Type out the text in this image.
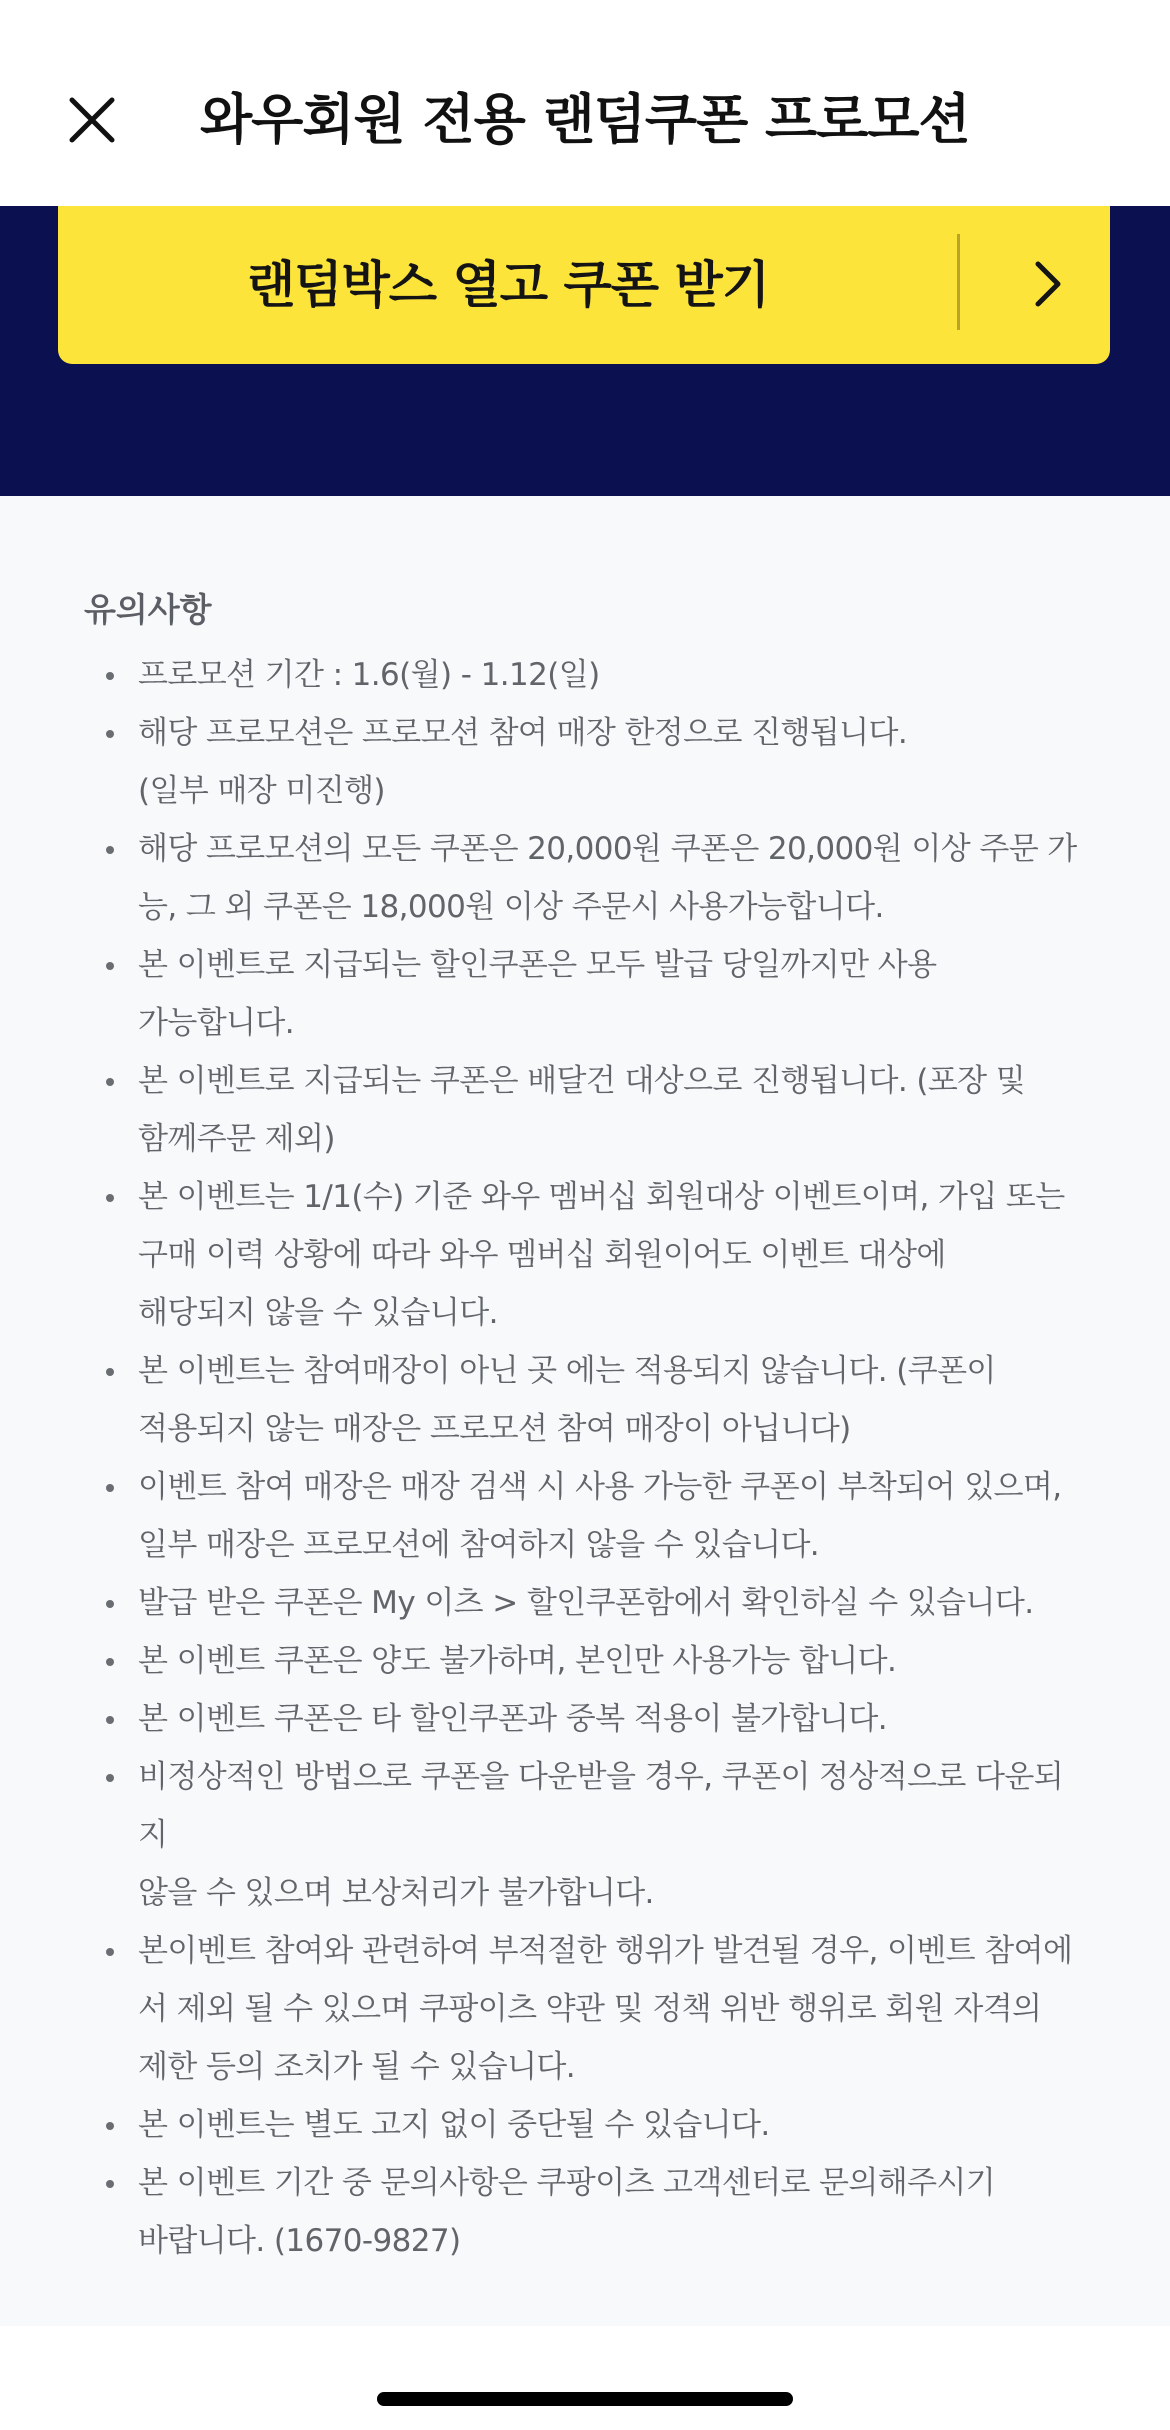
와우회원 전용 랜덤쿠폰 프로모션
랜덤박스 열고 쿠폰 받기
유의사항
프로모션 기간 : 1.6(월) - 1.12(일)
해당 프로모션은 프로모션 참여 매장 한정으로 진행됩니다.
(일부 매장 미진행)
해당 프로모션의 모든 쿠폰은 20,000원 쿠폰은 20,000원 이상 주문 가
능, 그 외 쿠폰은 18,000원 이상 주문시 사용가능합니다.
본 이벤트로 지급되는 할인쿠폰은 모두 발급 당일까지만 사용
가능합니다.
본 이벤트로 지급되는 쿠폰은 배달건 대상으로 진행됩니다. (포장 및
함께주문 제외)
본 이벤트는 1/1(수) 기준 와우 멤버십 회원대상 이벤트이며, 가입 또는
구매 이력 상황에 따라 와우 멤버십 회원이어도 이벤트 대상에
해당되지 않을 수 있습니다.
본 이벤트는 참여매장이 아닌 곳 에는 적용되지 않습니다. (쿠폰이
적용되지 않는 매장은 프로모션 참여 매장이 아닙니다)
이벤트 참여 매장은 매장 검색 시 사용 가능한 쿠폰이 부착되어 있으며,
일부 매장은 프로모션에 참여하지 않을 수 있습니다.
발급 받은 쿠폰은 My 이츠 > 할인쿠폰함에서 확인하실 수 있습니다.
본 이벤트 쿠폰은 양도 불가하며, 본인만 사용가능 합니다.
본 이벤트 쿠폰은 타 할인쿠폰과 중복 적용이 불가합니다.
비정상적인 방법으로 쿠폰을 다운받을 경우, 쿠폰이 정상적으로 다운되지
않을 수 있으며 보상처리가 불가합니다.
본이벤트 참여와 관련하여 부적절한 행위가 발견될 경우, 이벤트 참여에
서 제외 될 수 있으며 쿠팡이츠 약관 및 정책 위반 행위로 회원 자격의
제한 등의 조치가 될 수 있습니다.
본 이벤트는 별도 고지 없이 중단될 수 있습니다.
본 이벤트 기간 중 문의사항은 쿠팡이츠 고객센터로 문의해주시기
바랍니다. (1670-9827)
